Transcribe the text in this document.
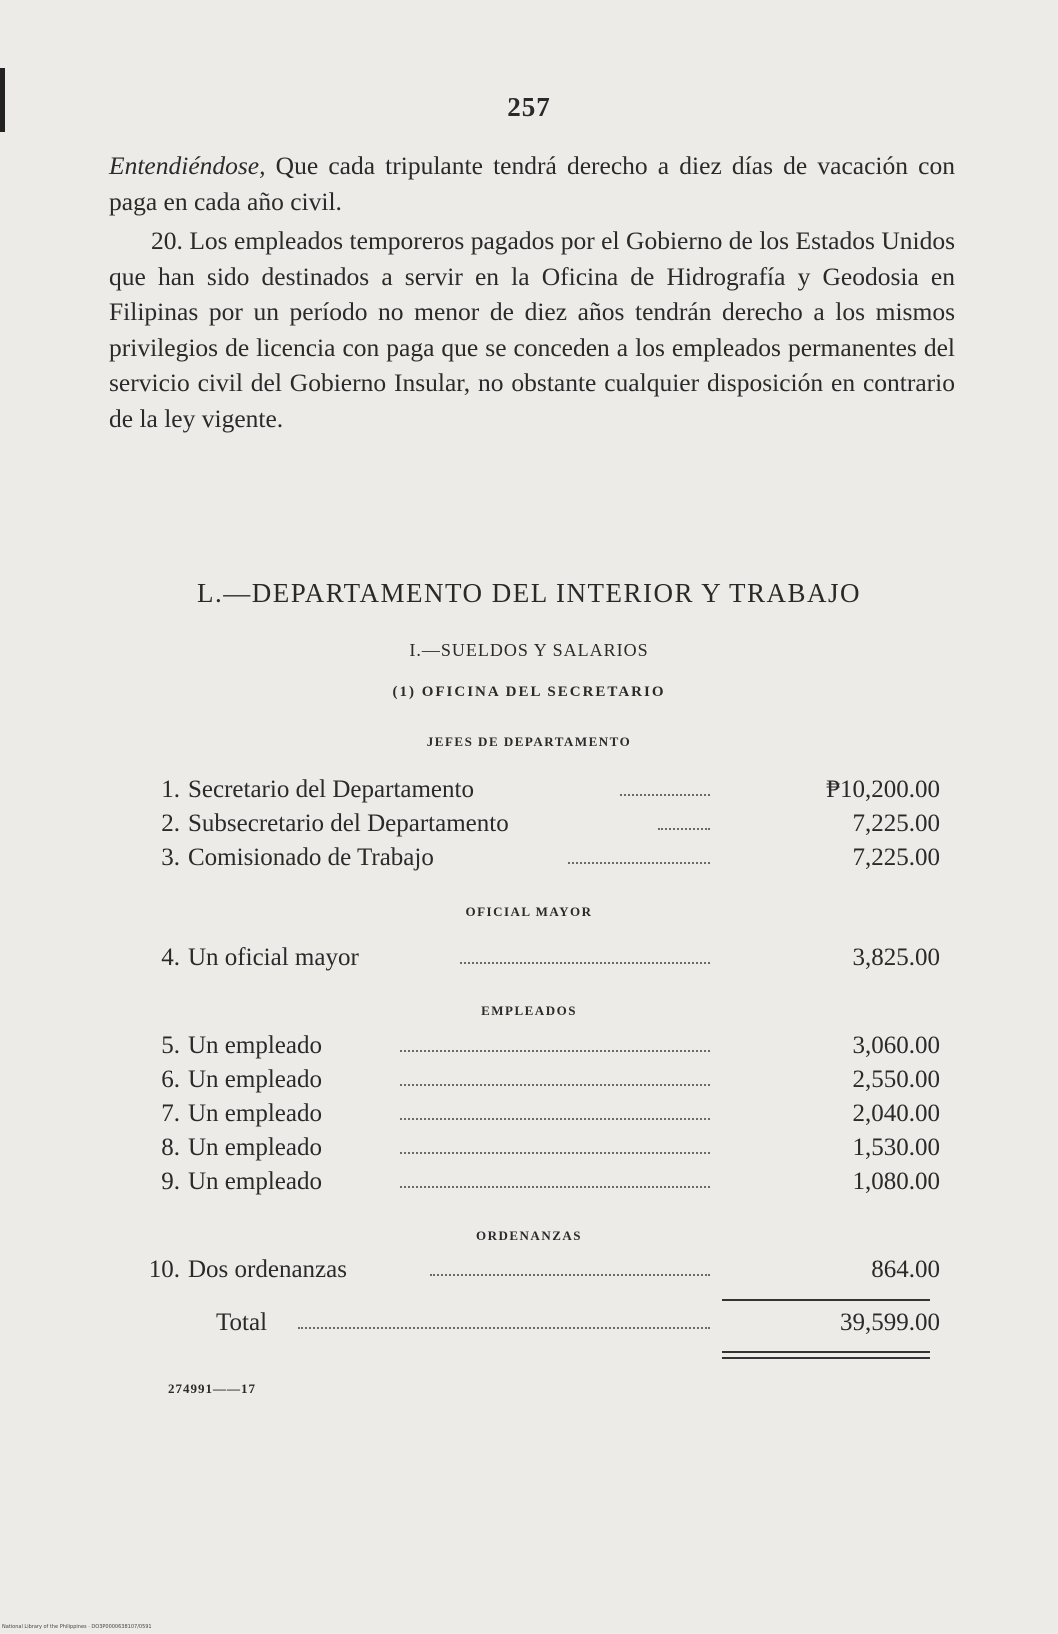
257
Entendiéndose, Que cada tripulante tendrá derecho a diez días de vacación con paga en cada año civil.
20. Los empleados temporeros pagados por el Gobierno de los Estados Unidos que han sido destinados a servir en la Oficina de Hidrografía y Geodosia en Filipinas por un período no menor de diez años tendrán derecho a los mismos privilegios de licencia con paga que se conceden a los empleados permanentes del servicio civil del Gobierno Insular, no obstante cualquier disposición en contrario de la ley vigente.
L.—DEPARTAMENTO DEL INTERIOR Y TRABAJO
I.—SUELDOS Y SALARIOS
(1) OFICINA DEL SECRETARIO
JEFES DE DEPARTAMENTO
1. Secretario del Departamento	₱10,200.00
2. Subsecretario del Departamento	7,225.00
3. Comisionado de Trabajo	7,225.00
OFICIAL MAYOR
4. Un oficial mayor	3,825.00
EMPLEADOS
5. Un empleado	3,060.00
6. Un empleado	2,550.00
7. Un empleado	2,040.00
8. Un empleado	1,530.00
9. Un empleado	1,080.00
ORDENANZAS
10. Dos ordenanzas	864.00
Total	39,599.00
274991——17
National Library of the Philippines · DO3P0000638107/0591
